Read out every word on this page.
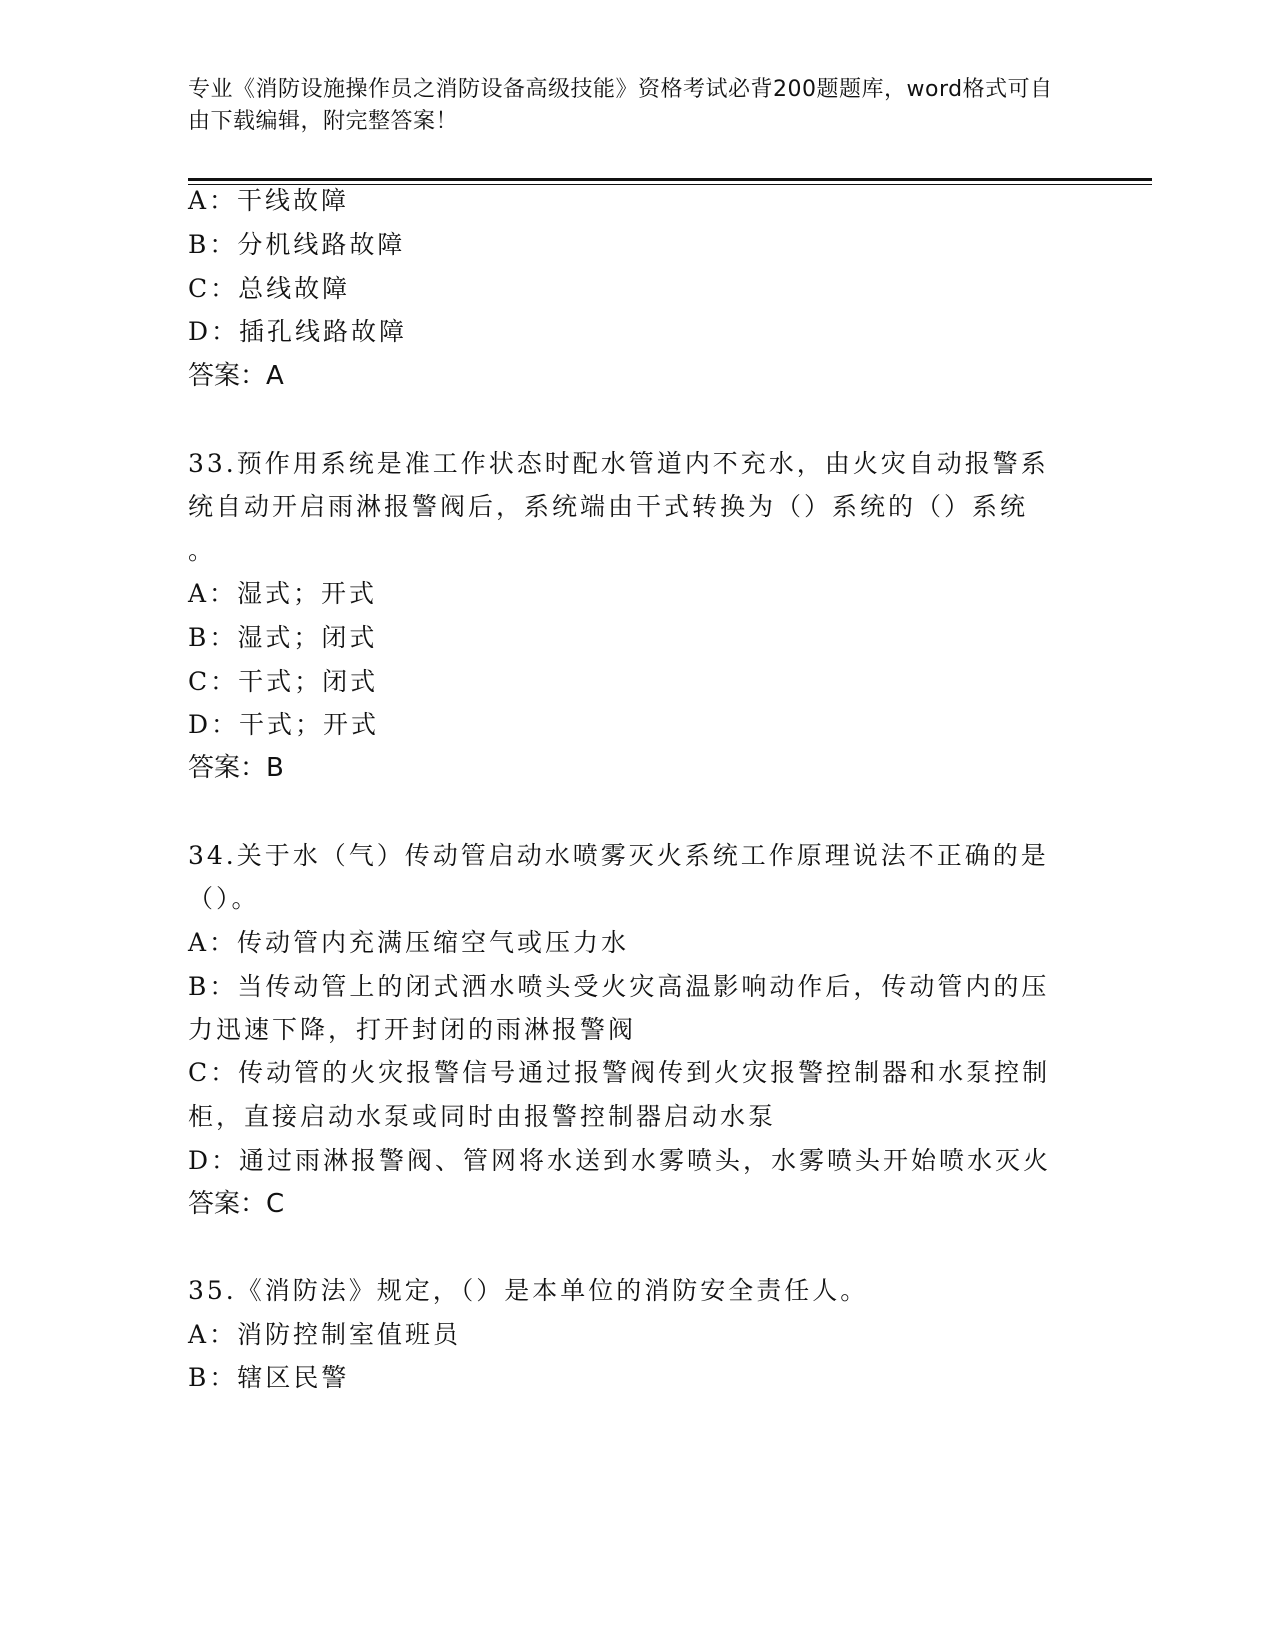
专业《消防设施操作员之消防设备高级技能》资格考试必背200题题库，word格式可自由下载编辑，附完整答案！
A：干线故障
B：分机线路故障
C：总线故障
D：插孔线路故障
答案：A
33.预作用系统是准工作状态时配水管道内不充水，由火灾自动报警系
统自动开启雨淋报警阀后，系统端由干式转换为（）系统的（）系统
。
A：湿式；开式
B：湿式；闭式
C：干式；闭式
D：干式；开式
答案：B
34.关于水（气）传动管启动水喷雾灭火系统工作原理说法不正确的是
（）。
A：传动管内充满压缩空气或压力水
B：当传动管上的闭式洒水喷头受火灾高温影响动作后，传动管内的压
力迅速下降，打开封闭的雨淋报警阀
C：传动管的火灾报警信号通过报警阀传到火灾报警控制器和水泵控制
柜，直接启动水泵或同时由报警控制器启动水泵
D：通过雨淋报警阀、管网将水送到水雾喷头，水雾喷头开始喷水灭火
答案：C
35.《消防法》规定，（）是本单位的消防安全责任人。
A：消防控制室值班员
B：辖区民警
